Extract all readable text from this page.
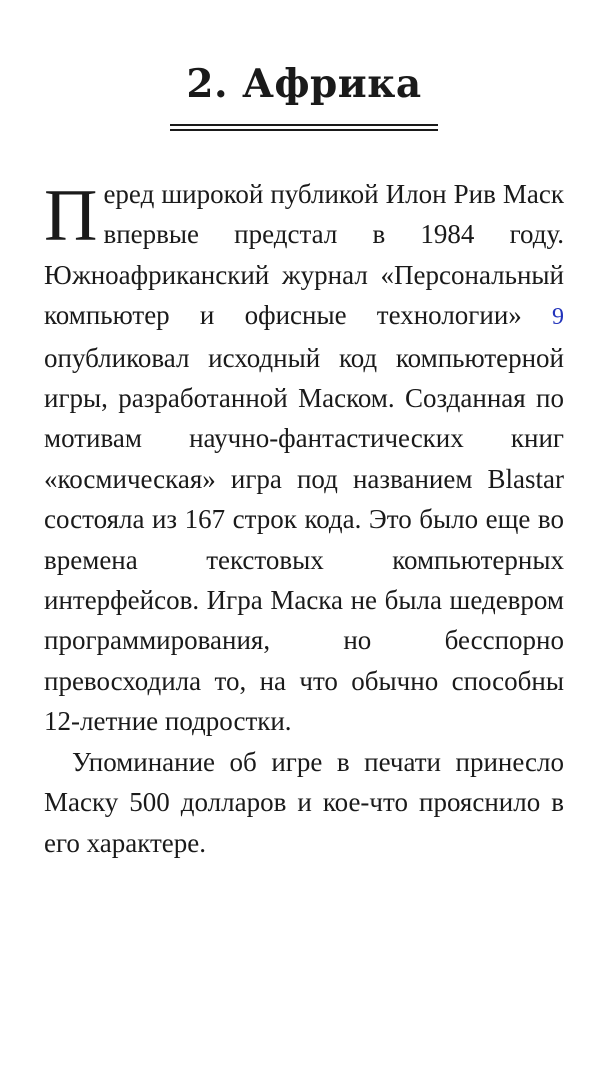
2. Африка

Перед широкой публикой Илон Рив Маск впервые предстал в 1984 году. Южноафриканский журнал «Персональный компьютер и офисные технологии» 9 опубликовал исходный код компьютерной игры, разработанной Маском. Созданная по мотивам научно-фантастических книг «космическая» игра под названием Blastar состояла из 167 строк кода. Это было еще во времена текстовых компьютерных интерфейсов. Игра Маска не была шедевром программирования, но бесспорно превосходила то, на что обычно способны 12-летние подростки.

Упоминание об игре в печати принесло Маску 500 долларов и кое-что прояснило в его характере.
